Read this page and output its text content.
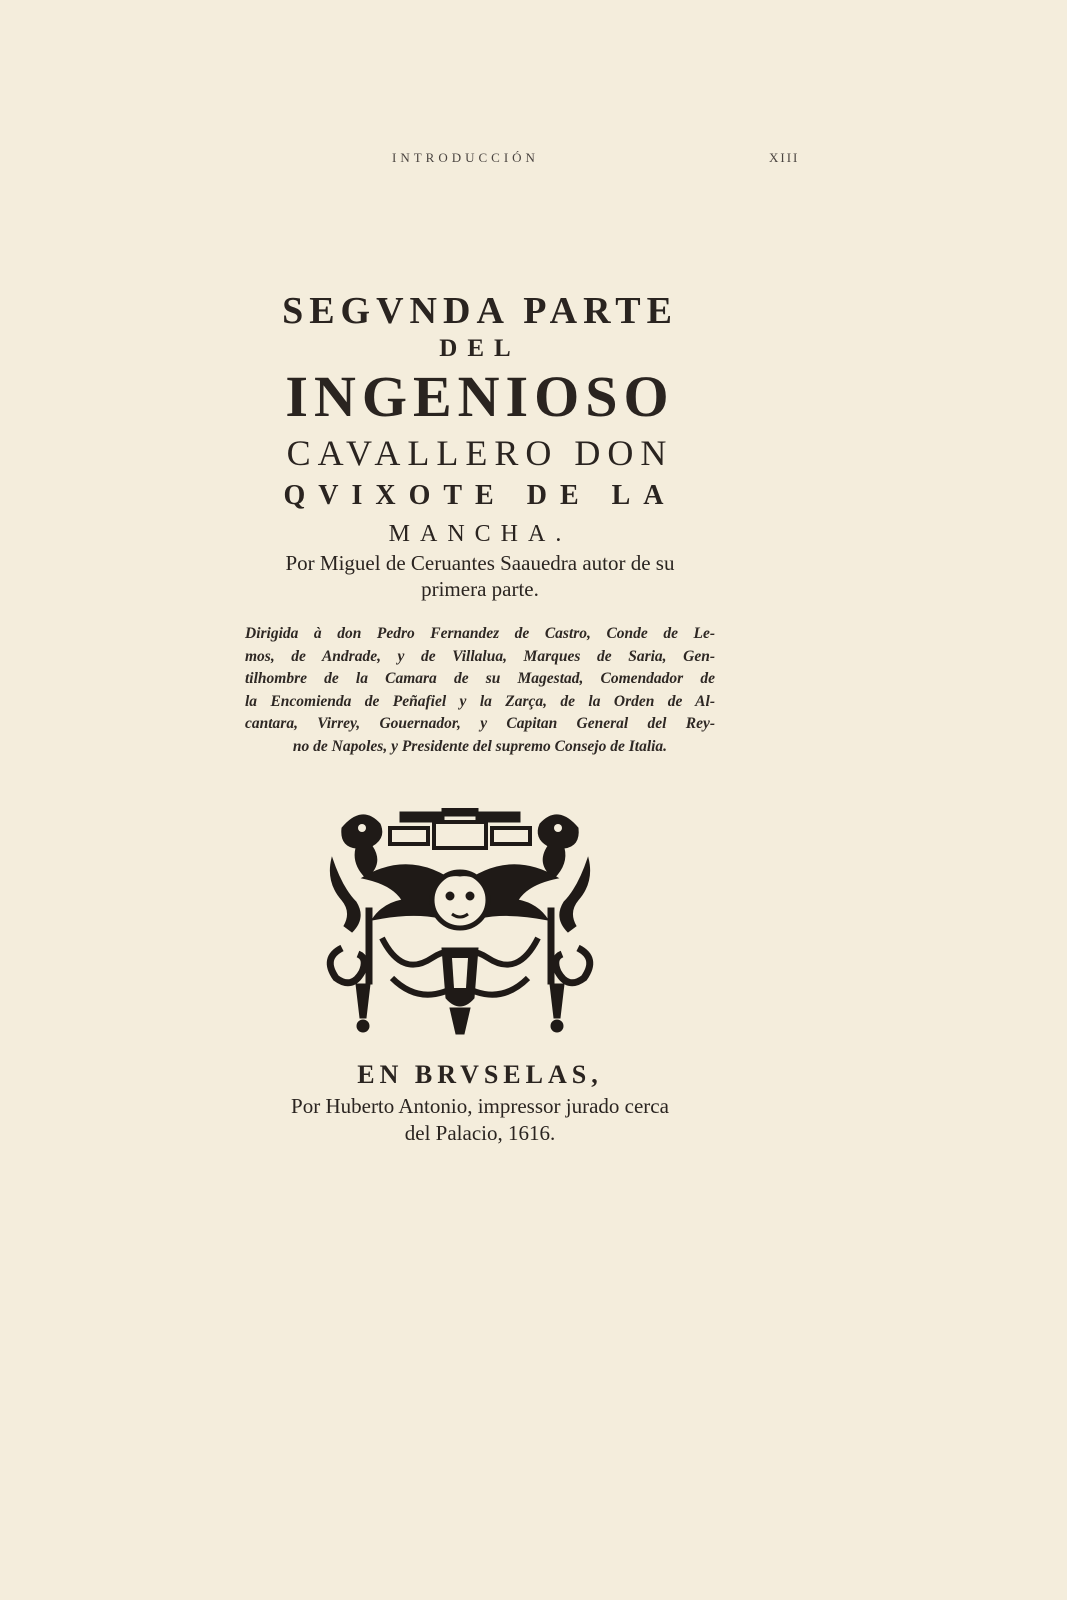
INTRODUCCIÓN	XIII
SEGVNDA PARTE
DEL
INGENIOSO
CAVALLERO DON
QVIXOTE DE LA
MANCHA.
Por Miguel de Ceruantes Saauedra autor de su
primera parte.
Dirigida à don Pedro Fernandez de Castro, Conde de Le-
mos, de Andrade, y de Villalua, Marques de Saria, Gen-
tilhombre de la Camara de su Magestad, Comendador de
la Encomienda de Peñafiel y la Zarça, de la Orden de Al-
cantara, Virrey, Gouernador, y Capitan General del Rey-
no de Napoles, y Presidente del supremo Consejo de Italia.
EN BRVSELAS,
Por Huberto Antonio, impressor jurado cerca
del Palacio, 1616.
